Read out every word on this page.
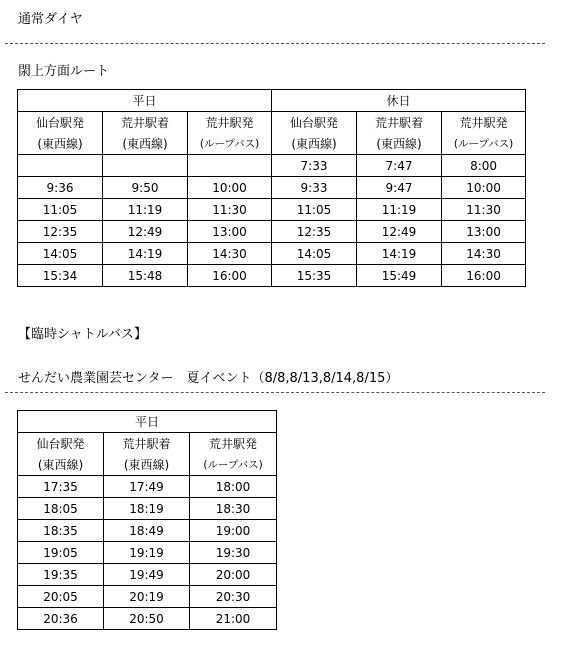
通常ダイヤ
閖上方面ルート
平日			休日		
仙台駅発	荒井駅着	荒井駅発	仙台駅発	荒井駅着	荒井駅発
(東西線)	(東西線)	(ループバス)	(東西線)	(東西線)	(ループバス)
			7:33	7:47	8:00
9:36	9:50	10:00	9:33	9:47	10:00
11:05	11:19	11:30	11:05	11:19	11:30
12:35	12:49	13:00	12:35	12:49	13:00
14:05	14:19	14:30	14:05	14:19	14:30
15:34	15:48	16:00	15:35	15:49	16:00
【臨時シャトルバス】
せんだい農業園芸センター　夏イベント（8/8,8/13,8/14,8/15）
平日		
仙台駅発	荒井駅着	荒井駅発
(東西線)	(東西線)	(ループバス)
17:35	17:49	18:00
18:05	18:19	18:30
18:35	18:49	19:00
19:05	19:19	19:30
19:35	19:49	20:00
20:05	20:19	20:30
20:36	20:50	21:00
